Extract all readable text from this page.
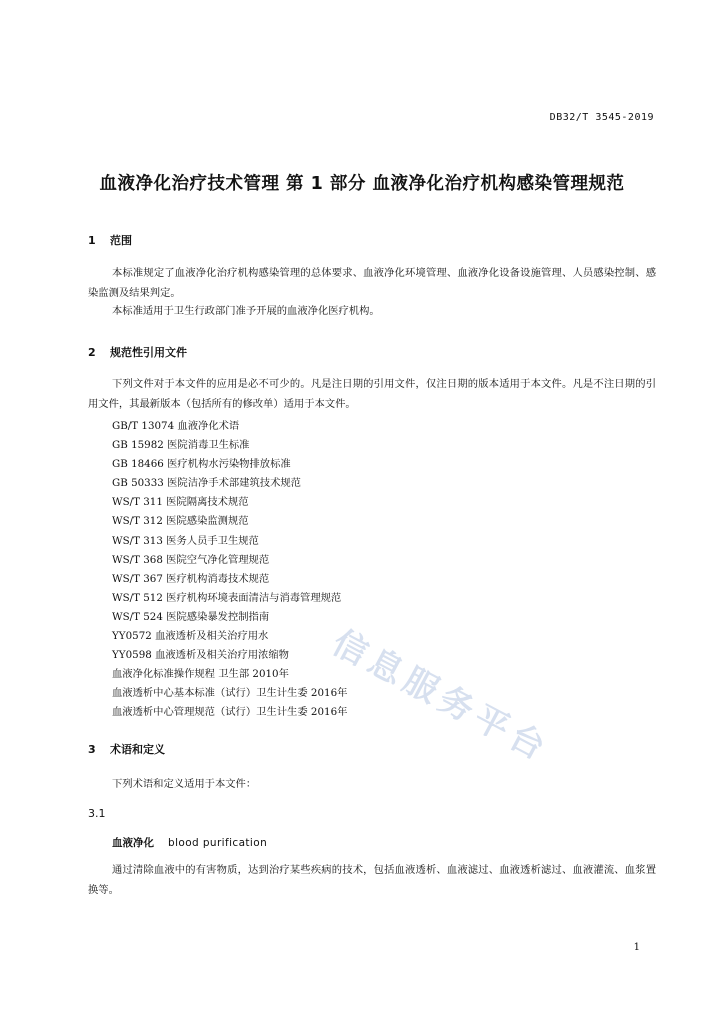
DB32/T 3545-2019
血液净化治疗技术管理 第 1 部分 血液净化治疗机构感染管理规范
1 范围
本标准规定了血液净化治疗机构感染管理的总体要求、血液净化环境管理、血液净化设备设施管理、人员感染控制、感染监测及结果判定。
本标准适用于卫生行政部门准予开展的血液净化医疗机构。
2 规范性引用文件
下列文件对于本文件的应用是必不可少的。凡是注日期的引用文件，仅注日期的版本适用于本文件。凡是不注日期的引用文件，其最新版本（包括所有的修改单）适用于本文件。
GB/T 13074 血液净化术语
GB 15982 医院消毒卫生标准
GB 18466 医疗机构水污染物排放标准
GB 50333 医院洁净手术部建筑技术规范
WS/T 311 医院隔离技术规范
WS/T 312 医院感染监测规范
WS/T 313 医务人员手卫生规范
WS/T 368 医院空气净化管理规范
WS/T 367 医疗机构消毒技术规范
WS/T 512 医疗机构环境表面清洁与消毒管理规范
WS/T 524 医院感染暴发控制指南
YY0572 血液透析及相关治疗用水
YY0598 血液透析及相关治疗用浓缩物
血液净化标准操作规程 卫生部 2010年
血液透析中心基本标准（试行）卫生计生委 2016年
血液透析中心管理规范（试行）卫生计生委 2016年
3 术语和定义
下列术语和定义适用于本文件：
3.1
血液净化 blood purification
通过清除血液中的有害物质，达到治疗某些疾病的技术，包括血液透析、血液滤过、血液透析滤过、血液灌流、血浆置换等。
1
信息服务平台
